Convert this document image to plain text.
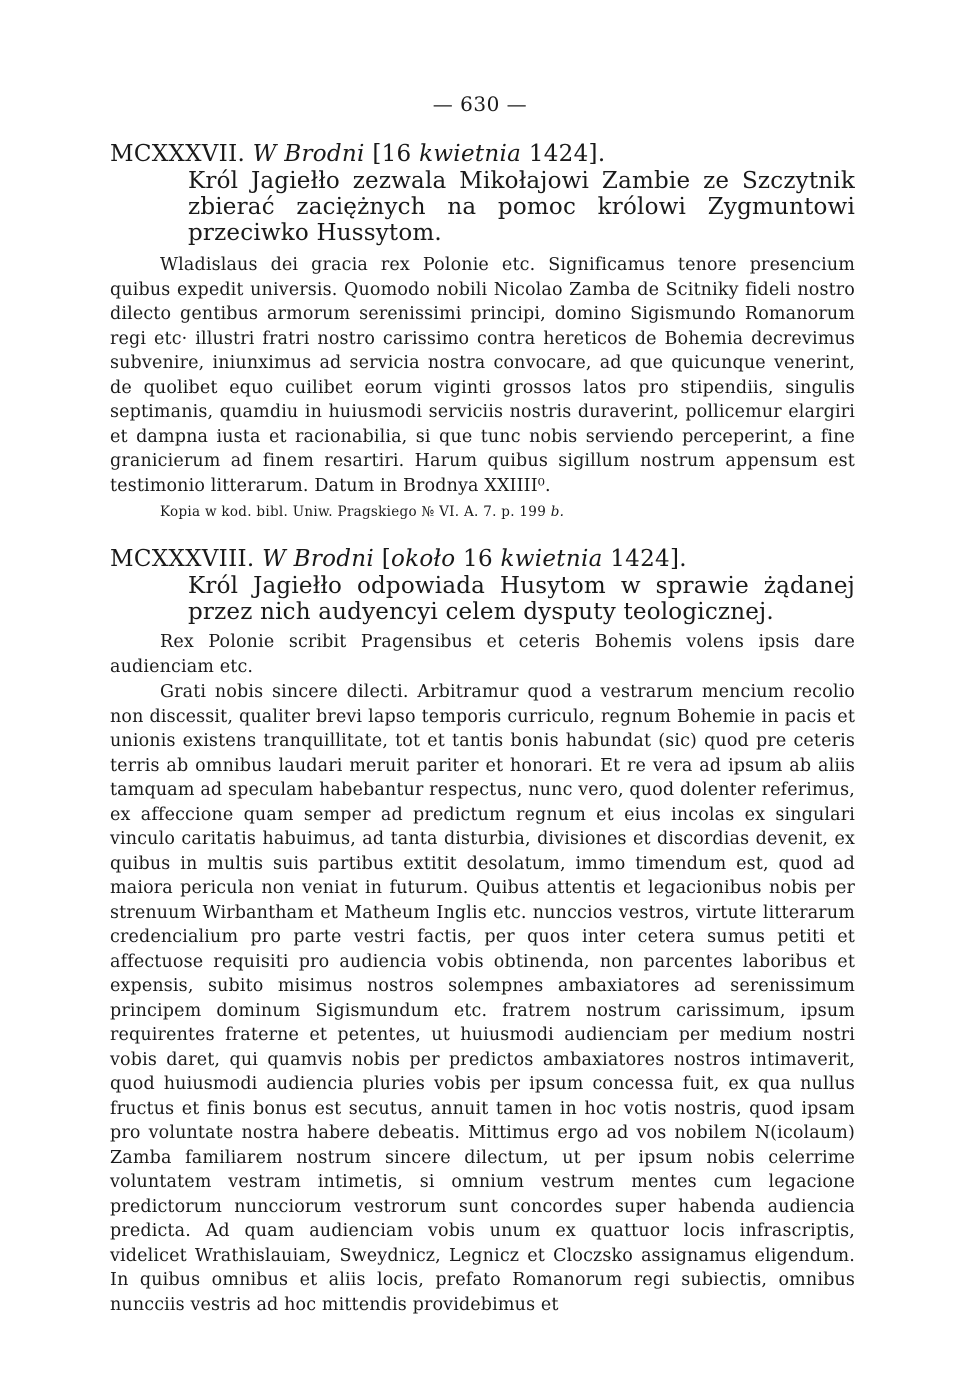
— 630 —
MCXXXVII. W Brodni [16 kwietnia 1424].
Król Jagiełło zezwala Mikołajowi Zambie ze Szczytnik zbierać zaciężnych na pomoc królowi Zygmuntowi przeciwko Hussytom.
Wladislaus dei gracia rex Polonie etc. Significamus tenore presencium quibus expedit universis. Quomodo nobili Nicolao Zamba de Scitniky fideli nostro dilecto gentibus armorum serenissimi principi, domino Sigismundo Romanorum regi etc· illustri fratri nostro carissimo contra hereticos de Bohemia decrevimus subvenire, iniunximus ad servicia nostra convocare, ad que quicunque venerint, de quolibet equo cuilibet eorum viginti grossos latos pro stipendiis, singulis septimanis, quamdiu in huiusmodi serviciis nostris duraverint, pollicemur elargiri et dampna iusta et racionabilia, si que tunc nobis serviendo perceperint, a fine granicierum ad finem resartiri. Harum quibus sigillum nostrum appensum est testimonio litterarum. Datum in Brodnya XXIIII⁰.
Kopia w kod. bibl. Uniw. Pragskiego № VI. A. 7. p. 199 b.
MCXXXVIII. W Brodni [około 16 kwietnia 1424].
Król Jagiełło odpowiada Husytom w sprawie żądanej przez nich audyencyi celem dysputy teologicznej.
Rex Polonie scribit Pragensibus et ceteris Bohemis volens ipsis dare audienciam etc.
Grati nobis sincere dilecti. Arbitramur quod a vestrarum mencium recolio non discessit, qualiter brevi lapso temporis curriculo, regnum Bohemie in pacis et unionis existens tranquillitate, tot et tantis bonis habundat (sic) quod pre ceteris terris ab omnibus laudari meruit pariter et honorari. Et re vera ad ipsum ab aliis tamquam ad speculam habebantur respectus, nunc vero, quod dolenter referimus, ex affeccione quam semper ad predictum regnum et eius incolas ex singulari vinculo caritatis habuimus, ad tanta disturbia, divisiones et discordias devenit, ex quibus in multis suis partibus extitit desolatum, immo timendum est, quod ad maiora pericula non veniat in futurum. Quibus attentis et legacionibus nobis per strenuum Wirbantham et Matheum Inglis etc. nunccios vestros, virtute litterarum credencialium pro parte vestri factis, per quos inter cetera sumus petiti et affectuose requisiti pro audiencia vobis obtinenda, non parcentes laboribus et expensis, subito misimus nostros solempnes ambaxiatores ad serenissimum principem dominum Sigismundum etc. fratrem nostrum carissimum, ipsum requirentes fraterne et petentes, ut huiusmodi audienciam per medium nostri vobis daret, qui quamvis nobis per predictos ambaxiatores nostros intimaverit, quod huiusmodi audiencia pluries vobis per ipsum concessa fuit, ex qua nullus fructus et finis bonus est secutus, annuit tamen in hoc votis nostris, quod ipsam pro voluntate nostra habere debeatis. Mittimus ergo ad vos nobilem N(icolaum) Zamba familiarem nostrum sincere dilectum, ut per ipsum nobis celerrime voluntatem vestram intimetis, si omnium vestrum mentes cum legacione predictorum nuncciorum vestrorum sunt concordes super habenda audiencia predicta. Ad quam audienciam vobis unum ex quattuor locis infrascriptis, videlicet Wrathislauiam, Sweydnicz, Legnicz et Cloczsko assignamus eligendum. In quibus omnibus et aliis locis, prefato Romanorum regi subiectis, omnibus nuncciis vestris ad hoc mittendis providebimus et
